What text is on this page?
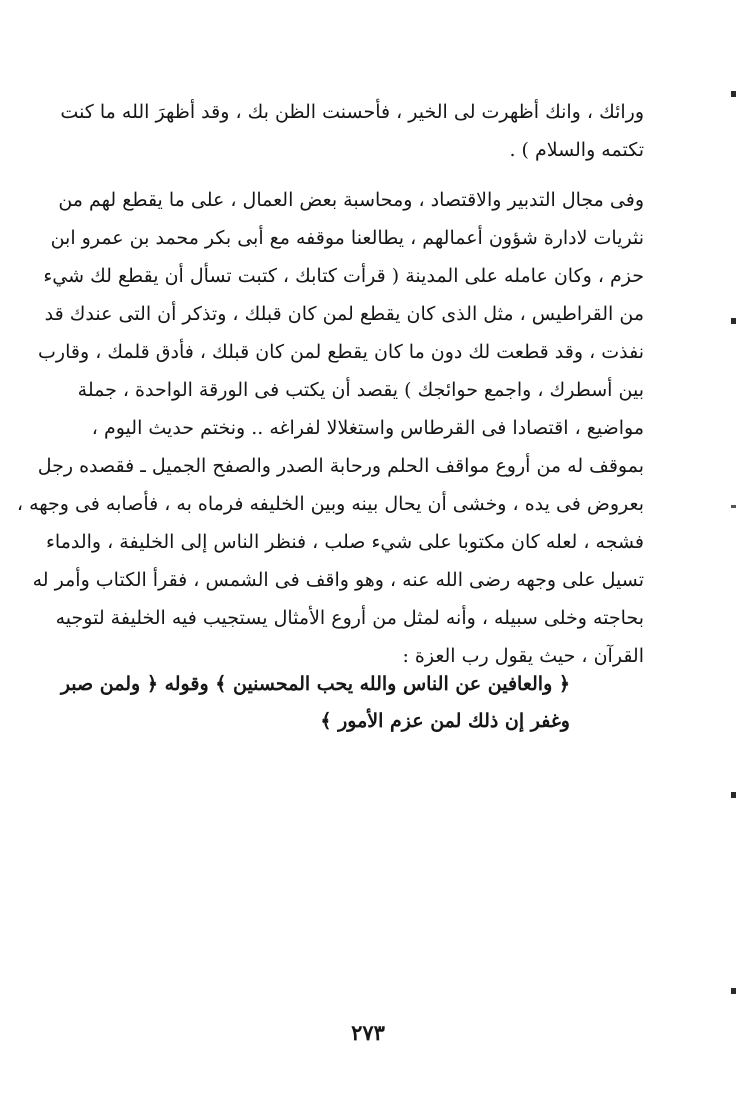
ورائك ، وانك أظهرت لى الخير ، فأحسنت الظن بك ، وقد أظهرَ الله ما كنت
تكتمه والسلام ) .
وفى مجال التدبير والاقتصاد ، ومحاسبة بعض العمال ، على ما يقطع لهم من
نثريات لادارة شؤون أعمالهم ، يطالعنا موقفه مع أبى بكر محمد بن عمرو ابن
حزم ، وكان عامله على المدينة ( قرأت كتابك ، كتبت تسأل أن يقطع لك شيء
من القراطيس ، مثل الذى كان يقطع لمن كان قبلك ، وتذكر أن التى عندك قد
نفذت ، وقد قطعت لك دون ما كان يقطع لمن كان قبلك ، فأدق قلمك ، وقارب
بين أسطرك ، واجمع حوائجك ) يقصد أن يكتب فى الورقة الواحدة ، جملة
مواضيع ، اقتصادا فى القرطاس واستغلالا لفراغه .. ونختم حديث اليوم ،
بموقف له من أروع مواقف الحلم ورحابة الصدر والصفح الجميل ـ فقصده رجل
بعروض فى يده ، وخشى أن يحال بينه وبين الخليفه فرماه به ، فأصابه فى وجهه ،
فشجه ، لعله كان مكتوبا على شيء صلب ، فنظر الناس إلى الخليفة ، والدماء
تسيل على وجهه رضى الله عنه ، وهو واقف فى الشمس ، فقرأ الكتاب وأمر له
بحاجته وخلى سبيله ، وأنه لمثل من أروع الأمثال يستجيب فيه الخليفة لتوجيه
القرآن ، حيث يقول رب العزة :
﴿ والعافين عن الناس والله يحب المحسنين ﴾ وقوله ﴿ ولمن صبر
وغفر إن ذلك لمن عزم الأمور ﴾
٢٧٣
